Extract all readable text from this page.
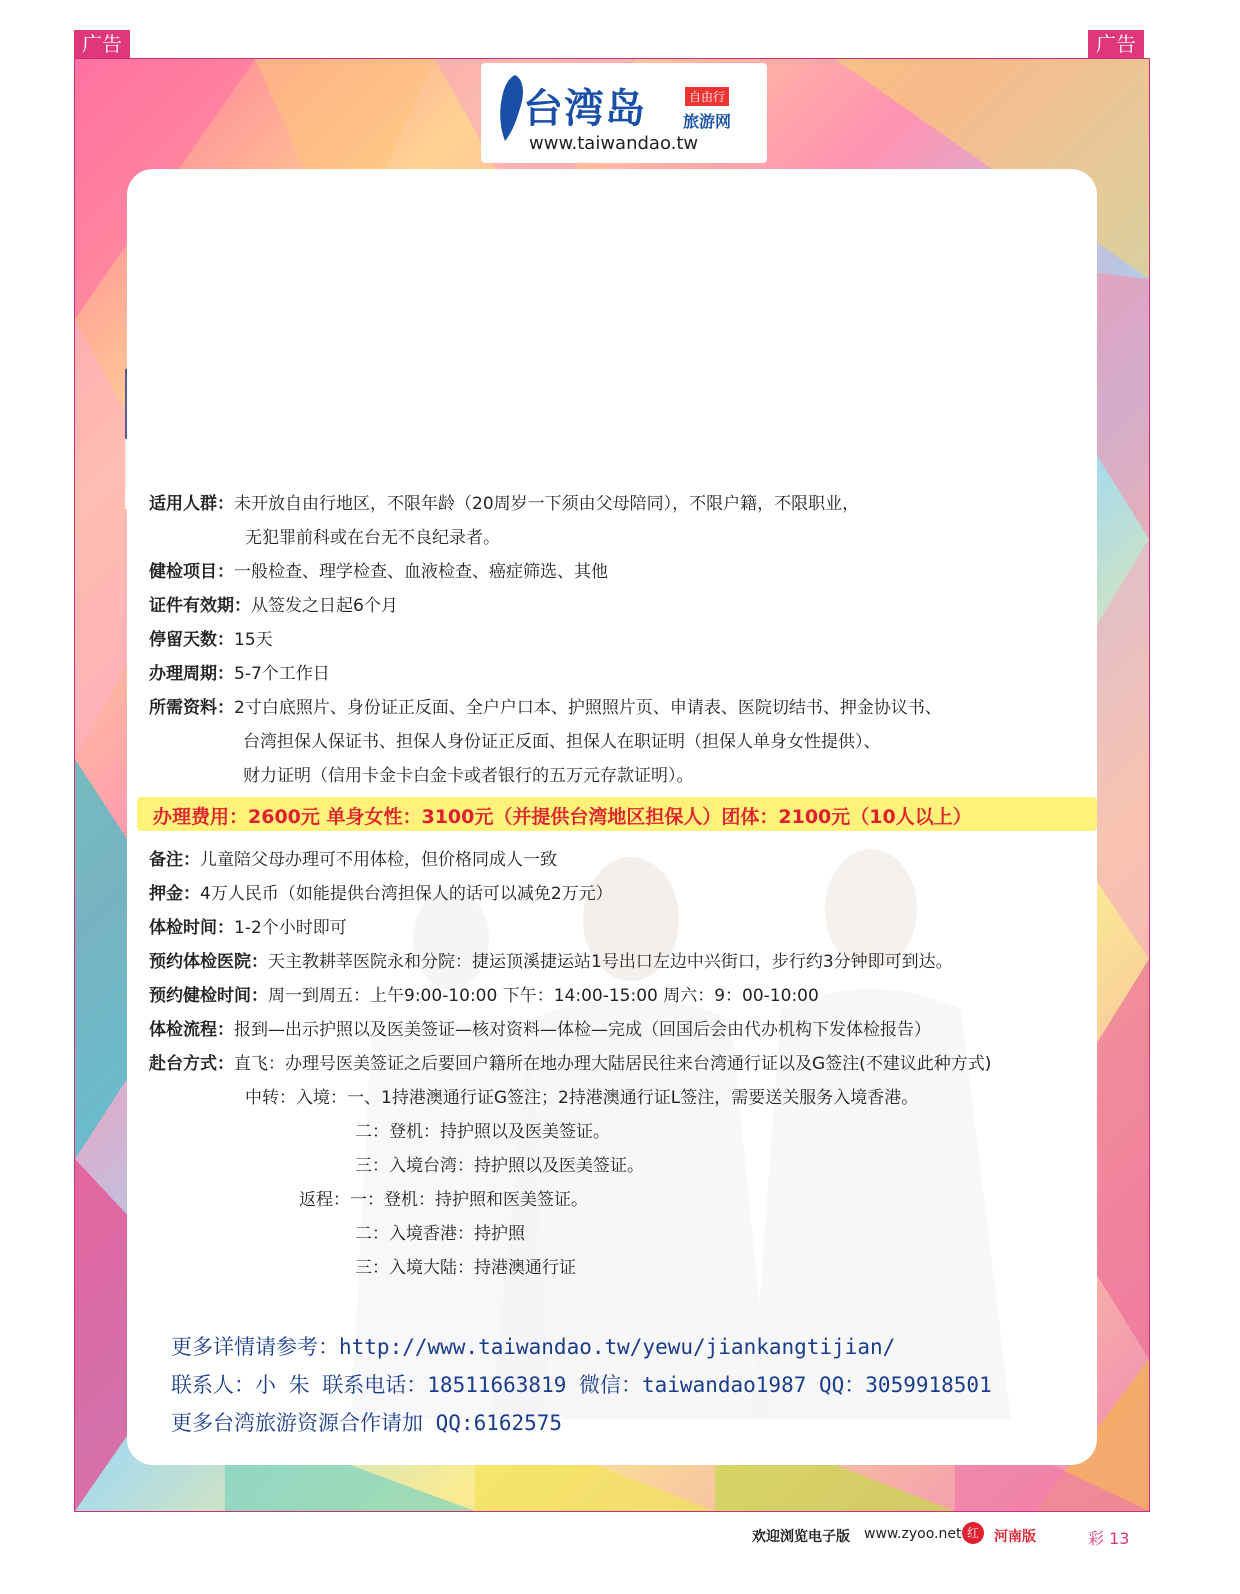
广告	广告
台湾岛	自由行
旅游网
www.taiwandao.tw
适用人群：未开放自由行地区，不限年龄（20周岁一下须由父母陪同），不限户籍，不限职业，
无犯罪前科或在台无不良纪录者。
健检项目：一般检查、理学检查、血液检查、癌症筛选、其他
证件有效期：从签发之日起6个月
停留天数：15天
办理周期：5-7个工作日
所需资料：2寸白底照片、身份证正反面、全户户口本、护照照片页、申请表、医院切结书、押金协议书、
台湾担保人保证书、担保人身份证正反面、担保人在职证明（担保人单身女性提供）、
财力证明（信用卡金卡白金卡或者银行的五万元存款证明）。
办理费用：2600元 单身女性：3100元（并提供台湾地区担保人）团体：2100元（10人以上）
备注：儿童陪父母办理可不用体检，但价格同成人一致
押金：4万人民币（如能提供台湾担保人的话可以减免2万元）
体检时间：1-2个小时即可
预约体检医院：天主教耕莘医院永和分院：捷运顶溪捷运站1号出口左边中兴街口，步行约3分钟即可到达。
预约健检时间：周一到周五：上午9:00-10:00 下午：14:00-15:00 周六：9：00-10:00
体检流程：报到—出示护照以及医美签证—核对资料—体检—完成（回国后会由代办机构下发体检报告）
赴台方式：直飞：办理号医美签证之后要回户籍所在地办理大陆居民往来台湾通行证以及G签注(不建议此种方式)
中转：入境：一、1持港澳通行证G签注；2持港澳通行证L签注，需要送关服务入境香港。
二：登机：持护照以及医美签证。
三：入境台湾：持护照以及医美签证。
返程：一：登机：持护照和医美签证。
二：入境香港：持护照
三：入境大陆：持港澳通行证
更多详情请参考：http://www.taiwandao.tw/yewu/jiankangtijian/
联系人：小 朱 联系电话：18511663819 微信：taiwandao1987 QQ：3059918501
更多台湾旅游资源合作请加 QQ:6162575
欢迎浏览电子版 www.zyoo.net 红	河南版	彩 13
